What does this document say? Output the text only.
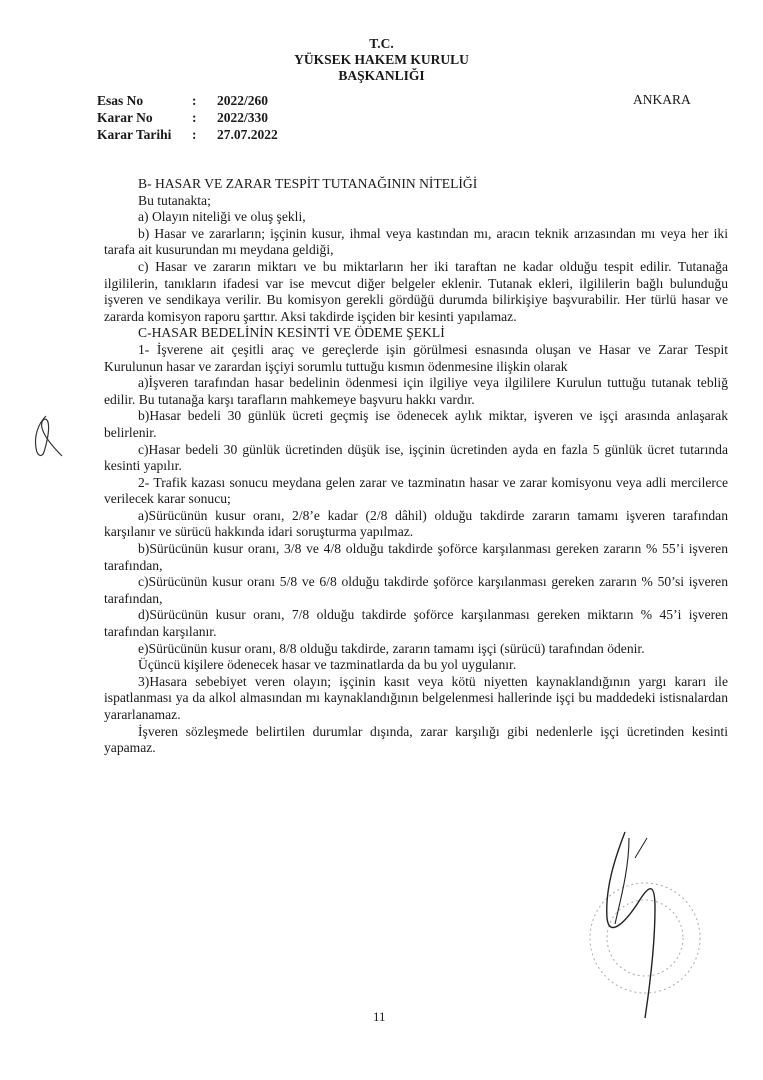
T.C.
YÜKSEK HAKEM KURULU
BAŞKANLIĞI
Esas No	:	2022/260
Karar No	:	2022/330
Karar Tarihi	:	27.07.2022
ANKARA

B- HASAR VE ZARAR TESPİT TUTANAĞININ NİTELİĞİ

Bu tutanakta;

a) Olayın niteliği ve oluş şekli,

b) Hasar ve zararların; işçinin kusur, ihmal veya kastından mı, aracın teknik arızasından mı veya her iki tarafa ait kusurundan mı meydana geldiği,

c) Hasar ve zararın miktarı ve bu miktarların her iki taraftan ne kadar olduğu tespit edilir. Tutanağa ilgililerin, tanıkların ifadesi var ise mevcut diğer belgeler eklenir. Tutanak ekleri, ilgililerin bağlı bulunduğu işveren ve sendikaya verilir. Bu komisyon gerekli gördüğü durumda bilirkişiye başvurabilir. Her türlü hasar ve zararda komisyon raporu şarttır. Aksi takdirde işçiden bir kesinti yapılamaz.

C-HASAR BEDELİNİN KESİNTİ VE ÖDEME ŞEKLİ

1- İşverene ait çeşitli araç ve gereçlerde işin görülmesi esnasında oluşan ve Hasar ve Zarar Tespit Kurulunun hasar ve zarardan işçiyi sorumlu tuttuğu kısmın ödenmesine ilişkin olarak

a)İşveren tarafından hasar bedelinin ödenmesi için ilgiliye veya ilgililere Kurulun tuttuğu tutanak tebliğ edilir. Bu tutanağa karşı tarafların mahkemeye başvuru hakkı vardır.

b)Hasar bedeli 30 günlük ücreti geçmiş ise ödenecek aylık miktar, işveren ve işçi arasında anlaşarak belirlenir.

c)Hasar bedeli 30 günlük ücretinden düşük ise, işçinin ücretinden ayda en fazla 5 günlük ücret tutarında kesinti yapılır.

2- Trafik kazası sonucu meydana gelen zarar ve tazminatın hasar ve zarar komisyonu veya adli mercilerce verilecek karar sonucu;

a)Sürücünün kusur oranı, 2/8’e kadar (2/8 dâhil) olduğu takdirde zararın tamamı işveren tarafından karşılanır ve sürücü hakkında idari soruşturma yapılmaz.

b)Sürücünün kusur oranı, 3/8 ve 4/8 olduğu takdirde şoförce karşılanması gereken zararın % 55’i işveren tarafından,

c)Sürücünün kusur oranı 5/8 ve 6/8 olduğu takdirde şoförce karşılanması gereken zararın % 50’si işveren tarafından,

d)Sürücünün kusur oranı, 7/8 olduğu takdirde şoförce karşılanması gereken miktarın % 45’i işveren tarafından karşılanır.

e)Sürücünün kusur oranı, 8/8 olduğu takdirde, zararın tamamı işçi (sürücü) tarafından ödenir.

Üçüncü kişilere ödenecek hasar ve tazminatlarda da bu yol uygulanır.

3)Hasara sebebiyet veren olayın; işçinin kasıt veya kötü niyetten kaynaklandığının yargı kararı ile ispatlanması ya da alkol almasından mı kaynaklandığının belgelenmesi hallerinde işçi bu maddedeki istisnalardan yararlanamaz.

İşveren sözleşmede belirtilen durumlar dışında, zarar karşılığı gibi nedenlerle işçi ücretinden kesinti yapamaz.

11
